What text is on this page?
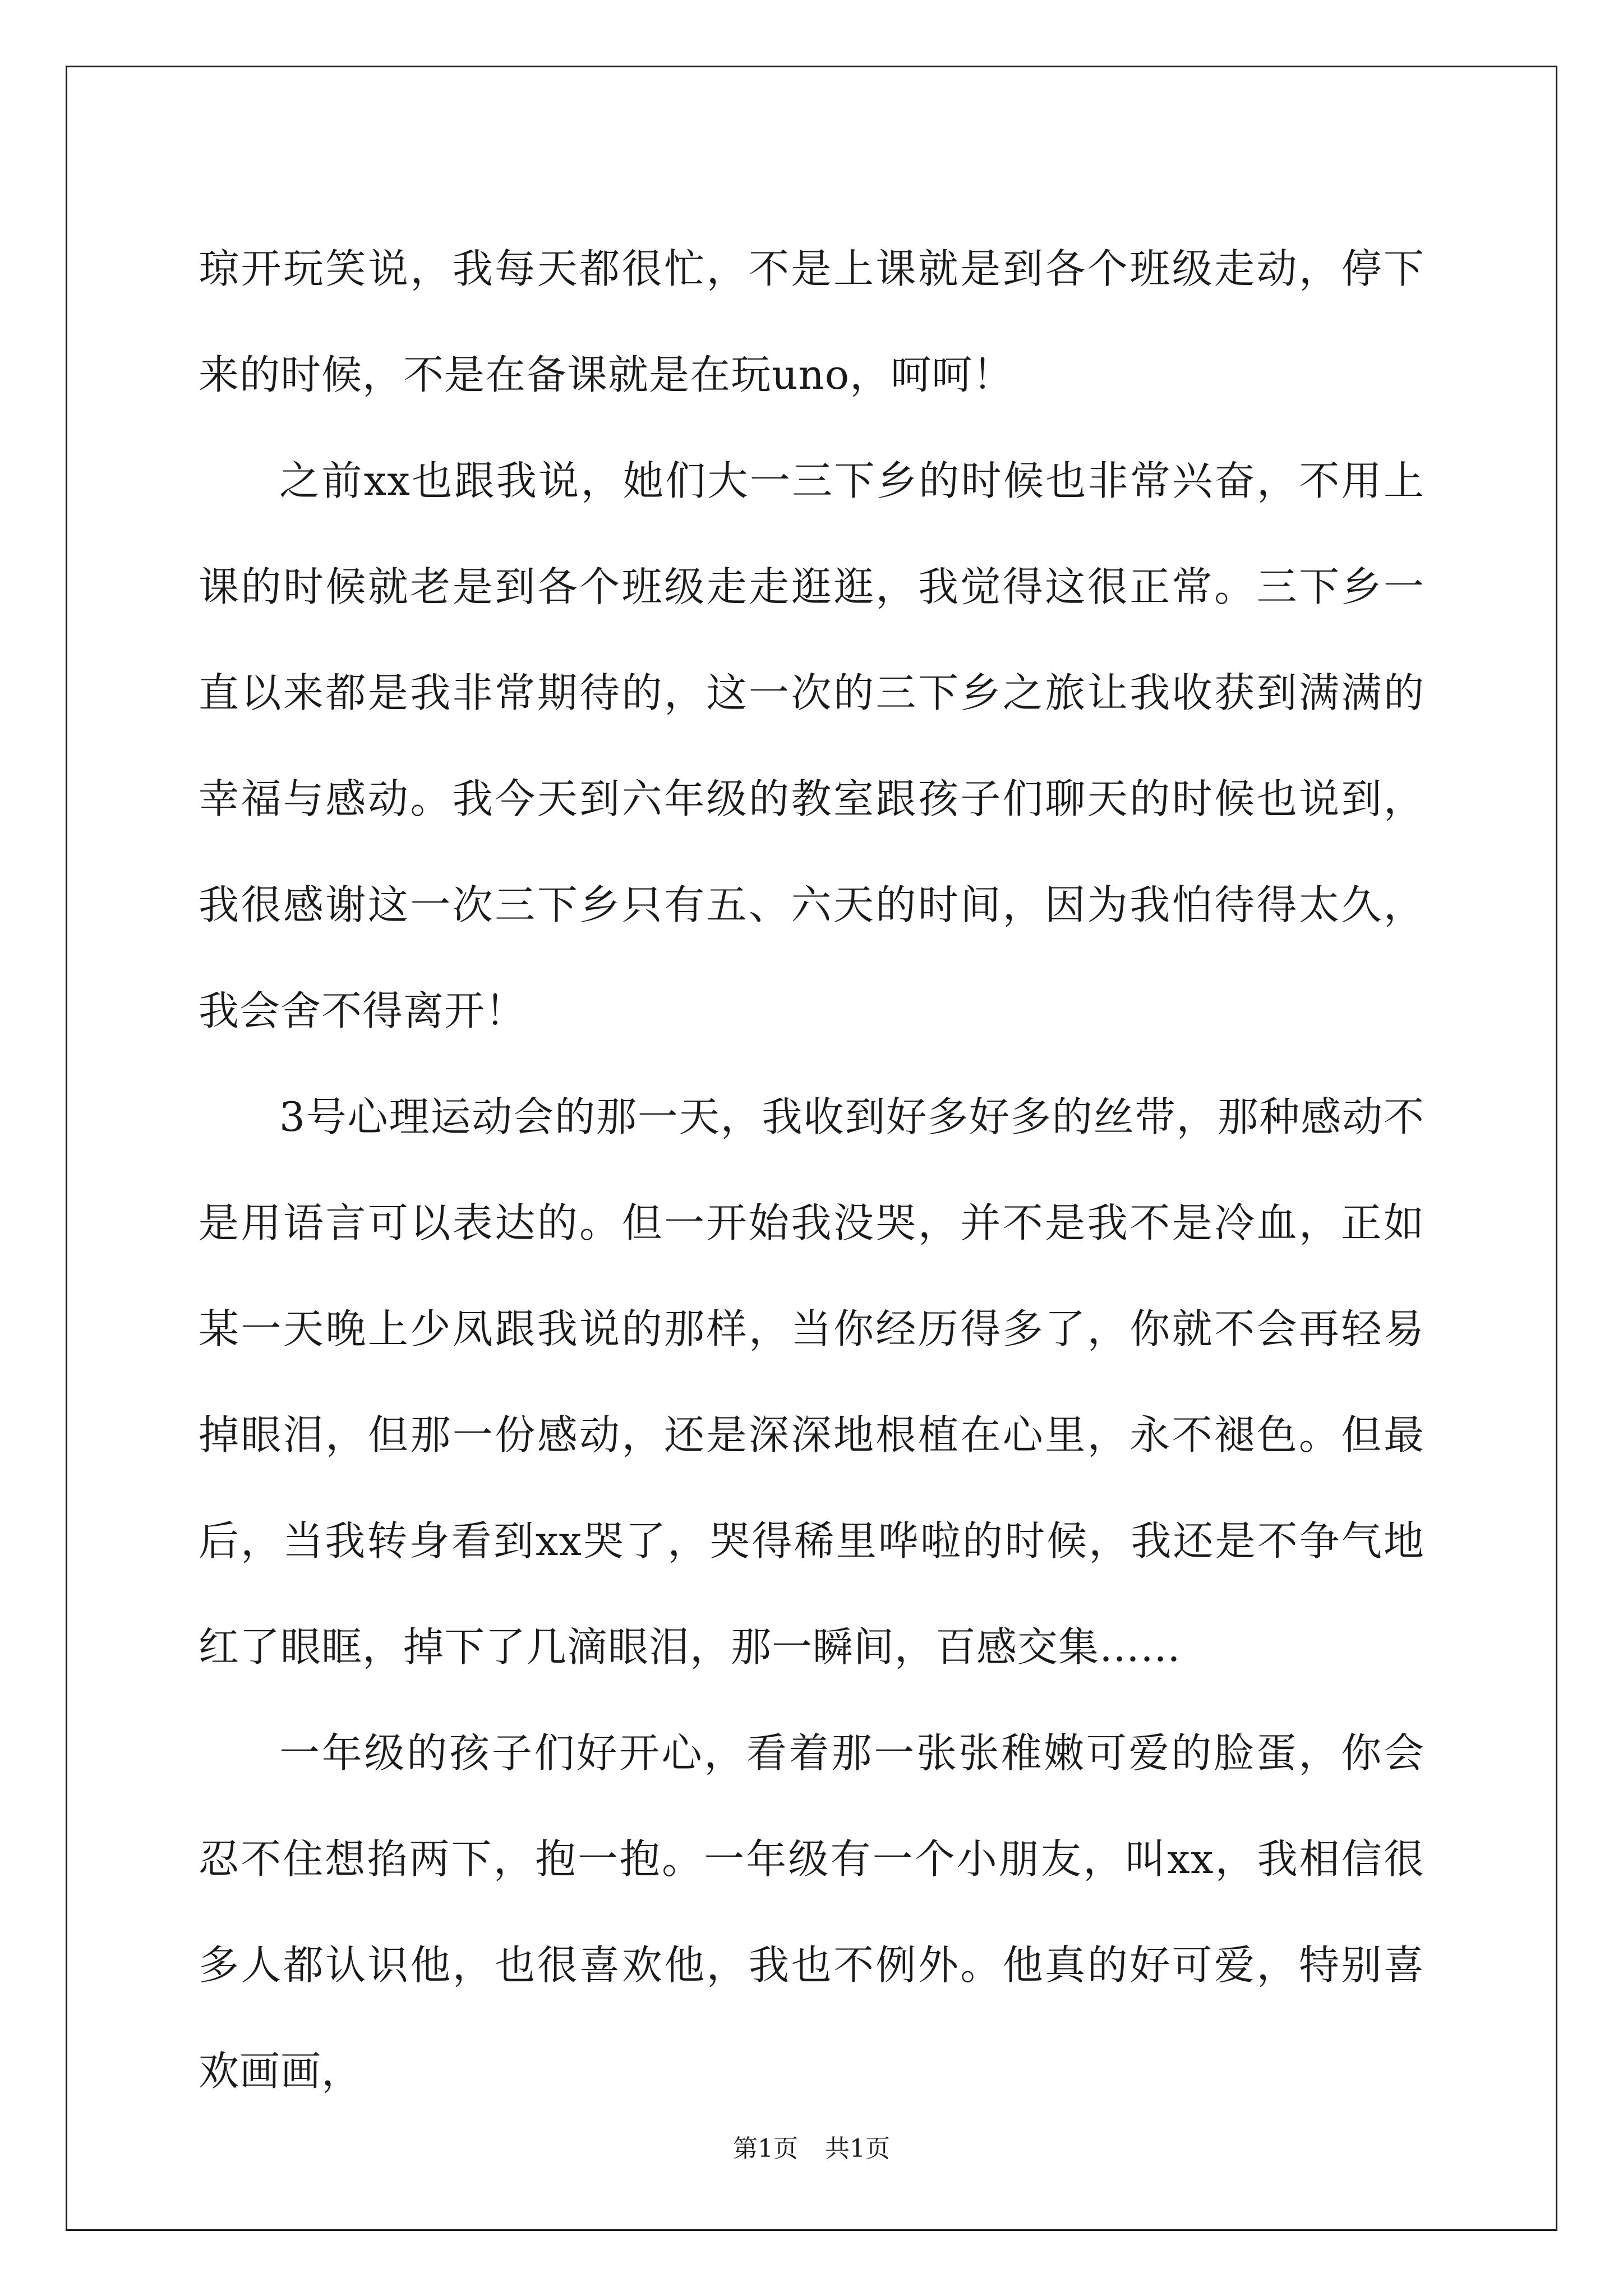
琼开玩笑说，我每天都很忙，不是上课就是到各个班级走动，停下来的时候，不是在备课就是在玩uno，呵呵！

之前xx也跟我说，她们大一三下乡的时候也非常兴奋，不用上课的时候就老是到各个班级走走逛逛，我觉得这很正常。三下乡一直以来都是我非常期待的，这一次的三下乡之旅让我收获到满满的幸福与感动。我今天到六年级的教室跟孩子们聊天的时候也说到，我很感谢这一次三下乡只有五、六天的时间，因为我怕待得太久，我会舍不得离开！

3号心理运动会的那一天，我收到好多好多的丝带，那种感动不是用语言可以表达的。但一开始我没哭，并不是我不是冷血，正如某一天晚上少凤跟我说的那样，当你经历得多了，你就不会再轻易掉眼泪，但那一份感动，还是深深地根植在心里，永不褪色。但最后，当我转身看到xx哭了，哭得稀里哗啦的时候，我还是不争气地红了眼眶，掉下了几滴眼泪，那一瞬间，百感交集……

一年级的孩子们好开心，看着那一张张稚嫩可爱的脸蛋，你会忍不住想掐两下，抱一抱。一年级有一个小朋友，叫xx，我相信很多人都认识他，也很喜欢他，我也不例外。他真的好可爱，特别喜欢画画，

第1页 共1页
